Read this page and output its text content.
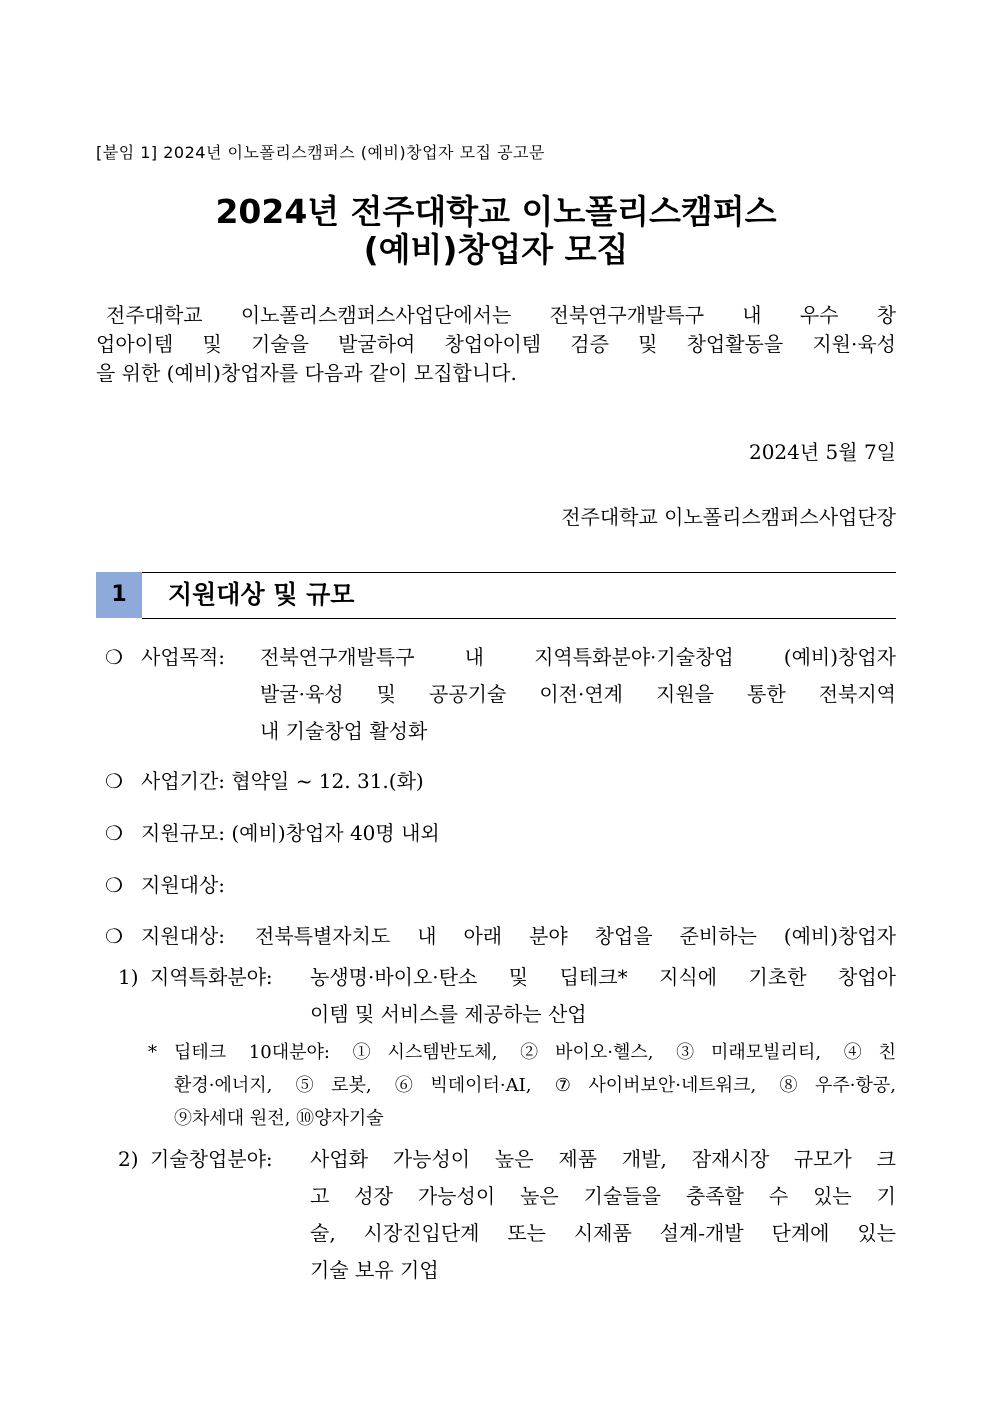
[붙임 1] 2024년 이노폴리스캠퍼스 (예비)창업자 모집 공고문
2024년 전주대학교 이노폴리스캠퍼스
(예비)창업자 모집
전주대학교 이노폴리스캠퍼스사업단에서는 전북연구개발특구 내 우수 창
업아이템 및 기술을 발굴하여 창업아이템 검증 및 창업활동을 지원·육성
을 위한 (예비)창업자를 다음과 같이 모집합니다.
2024년 5월 7일
전주대학교 이노폴리스캠퍼스사업단장
1	지원대상 및 규모
❍ 사업목적: 전북연구개발특구 내 지역특화분야·기술창업 (예비)창업자
발굴·육성 및 공공기술 이전·연계 지원을 통한 전북지역
내 기술창업 활성화
❍ 사업기간: 협약일 ~ 12. 31.(화)
❍ 지원규모: (예비)창업자 40명 내외
❍ 지원대상:
❍ 지원대상: 전북특별자치도 내 아래 분야 창업을 준비하는 (예비)창업자
1) 지역특화분야: 농생명·바이오·탄소 및 딥테크* 지식에 기초한 창업아
이템 및 서비스를 제공하는 산업
* 딥테크 10대분야: ①시스템반도체, ②바이오·헬스, ③미래모빌리티, ④친
환경·에너지, ⑤로봇, ⑥빅데이터·AI, ⑦사이버보안·네트워크, ⑧우주·항공,
⑨차세대 원전, ⑩양자기술
2) 기술창업분야: 사업화 가능성이 높은 제품 개발, 잠재시장 규모가 크
고 성장 가능성이 높은 기술들을 충족할 수 있는 기
술, 시장진입단계 또는 시제품 설계-개발 단계에 있는
기술 보유 기업
